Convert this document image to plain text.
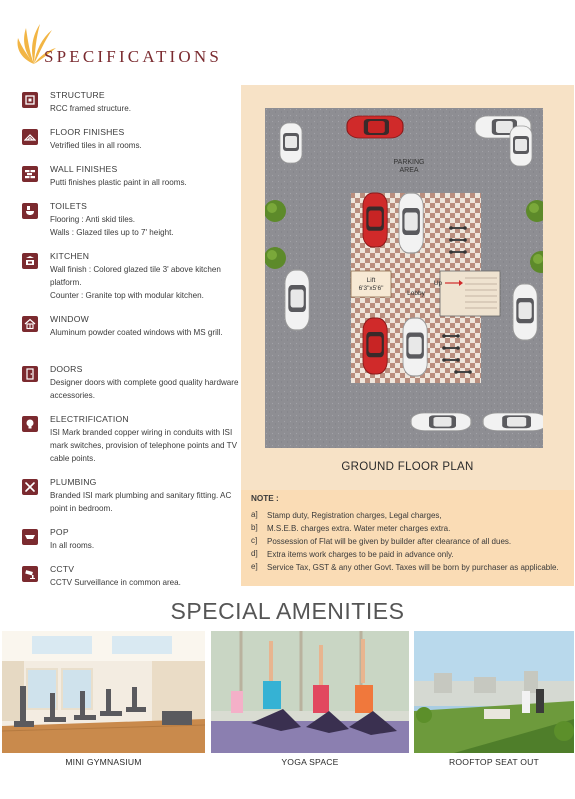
SPECIFICATIONS
STRUCTURE
RCC framed structure.
FLOOR FINISHES
Vetrified tiles in all rooms.
WALL FINISHES
Putti finishes plastic paint in all rooms.
TOILETS
Flooring : Anti skid tiles.
Walls : Glazed tiles up to 7' height.
KITCHEN
Wall finish : Colored glazed tile 3' above kitchen platform.
Counter : Granite top with modular kitchen.
WINDOW
Aluminum powder coated windows with MS grill.
DOORS
Designer doors with complete good quality hardware accessories.
ELECTRIFICATION
ISI Mark branded copper wiring in conduits with ISI mark switches, provision of telephone points and TV cable points.
PLUMBING
Branded ISI mark plumbing and sanitary fitting. AC point in bedroom.
POP
In all rooms.
CCTV
CCTV Surveillance in common area.
PARKING AREA
Lift 6'3"x5'6"
Lobby
Up
GROUND FLOOR PLAN
NOTE :
a]	Stamp duty, Registration charges, Legal charges,
b]	M.S.E.B. charges extra. Water meter charges extra.
c]	Possession of Flat will be given by builder after clearance of all dues.
d]	Extra items work charges to be paid in advance only.
e]	Service Tax, GST & any other Govt. Taxes will be born by purchaser as applicable.
SPECIAL AMENITIES
MINI GYMNASIUM	YOGA SPACE	ROOFTOP SEAT OUT
